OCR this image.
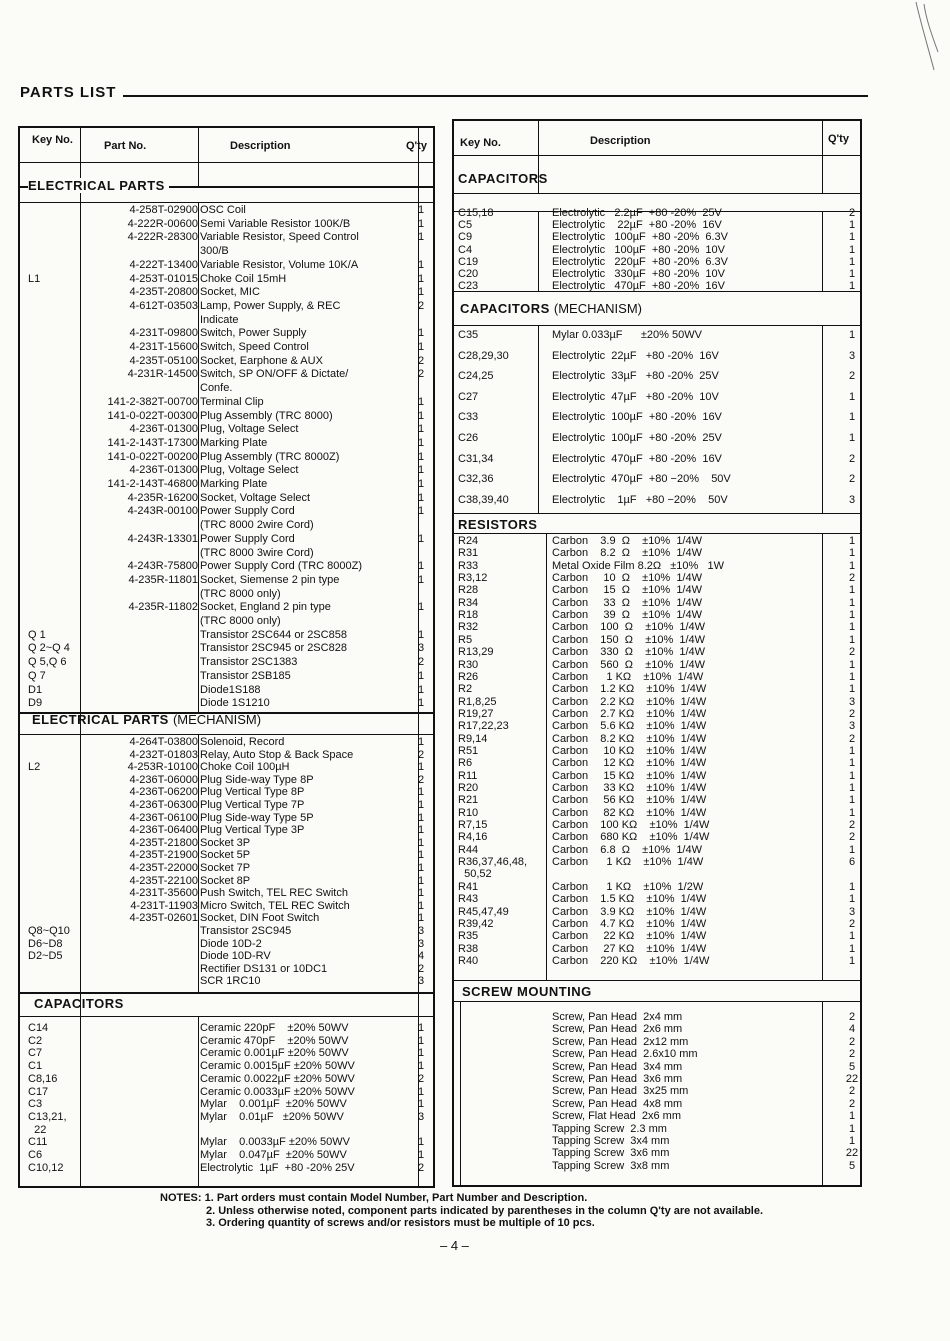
PARTS LIST
Key No.	Part No.	Description	Q'ty
ELECTRICAL PARTS
4-258T-02900 OSC Coil	1
4-222R-00600 Semi Variable Resistor 100K/B	1
4-222R-28300 Variable Resistor, Speed Control	1
300/B
4-222T-13400 Variable Resistor, Volume 10K/A	1
L1	4-253T-01015 Choke Coil 15mH	1
4-235T-20800 Socket, MIC	1
4-612T-03503 Lamp, Power Supply, & REC	2
Indicate
4-231T-09800 Switch, Power Supply	1
4-231T-15600 Switch, Speed Control	1
4-235T-05100 Socket, Earphone & AUX	2
4-231R-14500 Switch, SP ON/OFF & Dictate/	2
Confe.
141-2-382T-00700 Terminal Clip	1
141-0-022T-00300 Plug Assembly (TRC 8000)	1
4-236T-01300 Plug, Voltage Select	1
141-2-143T-17300 Marking Plate	1
141-0-022T-00200 Plug Assembly (TRC 8000Z)	1
4-236T-01300 Plug, Voltage Select	1
141-2-143T-46800 Marking Plate	1
4-235R-16200 Socket, Voltage Select	1
4-243R-00100 Power Supply Cord	1
(TRC 8000 2wire Cord)
4-243R-13301 Power Supply Cord	1
(TRC 8000 3wire Cord)
4-243R-75800 Power Supply Cord (TRC 8000Z)	1
4-235R-11801 Socket, Siemense 2 pin type	1
(TRC 8000 only)
4-235R-11802 Socket, England 2 pin type	1
(TRC 8000 only)
Q 1	Transistor 2SC644 or 2SC858	1
Q 2~Q 4	Transistor 2SC945 or 2SC828	3
Q 5,Q 6	Transistor 2SC1383	2
Q 7	Transistor 2SB185	1
D1	Diode1S188	1
D9	Diode 1S1210	1
ELECTRICAL PARTS (MECHANISM)
4-264T-03800 Solenoid, Record	1
4-232T-01803 Relay, Auto Stop & Back Space	2
L2	4-253R-10100 Choke Coil 100µH	1
4-236T-06000 Plug Side-way Type 8P	2
4-236T-06200 Plug Vertical Type 8P	1
4-236T-06300 Plug Vertical Type 7P	1
4-236T-06100 Plug Side-way Type 5P	1
4-236T-06400 Plug Vertical Type 3P	1
4-235T-21800 Socket 3P	1
4-235T-21900 Socket 5P	1
4-235T-22000 Socket 7P	1
4-235T-22100 Socket 8P	1
4-231T-35600 Push Switch, TEL REC Switch	1
4-231T-11903 Micro Switch, TEL REC Switch	1
4-235T-02601 Socket, DIN Foot Switch	1
Q8~Q10	Transistor 2SC945	3
D6~D8	Diode 10D-2	3
D2~D5	Diode 10D-RV	4
Rectifier DS131 or 10DC1	2
SCR 1RC10	3
CAPACITORS
C14	Ceramic 220pF    ±20% 50WV	1
C2	Ceramic 470pF    ±20% 50WV	1
C7	Ceramic 0.001µF ±20% 50WV	1
C1	Ceramic 0.0015µF ±20% 50WV	1
C8,16	Ceramic 0.0022µF ±20% 50WV	2
C17	Ceramic 0.0033µF ±20% 50WV	1
C3	Mylar    0.001µF  ±20% 50WV	1
C13,21,	Mylar    0.01µF   ±20% 50WV	3
22
C11	Mylar    0.0033µF ±20% 50WV	1
C6	Mylar    0.047µF  ±20% 50WV	1
C10,12	Electrolytic  1µF  +80 -20% 25V	2
Key No.	Description	Q'ty
CAPACITORS
C15,18	Electrolytic   2.2µF  +80 -20%  25V	2
C5	Electrolytic    22µF  +80 -20%  16V	1
C9	Electrolytic   100µF  +80 -20%  6.3V	1
C4	Electrolytic   100µF  +80 -20%  10V	1
C19	Electrolytic   220µF  +80 -20%  6.3V	1
C20	Electrolytic   330µF  +80 -20%  10V	1
C23	Electrolytic   470µF  +80 -20%  16V	1
CAPACITORS (MECHANISM)
C35	Mylar 0.033µF      ±20% 50WV	1
C28,29,30	Electrolytic  22µF   +80 -20%  16V	3
C24,25	Electrolytic  33µF   +80 -20%  25V	2
C27	Electrolytic  47µF   +80 -20%  10V	1
C33	Electrolytic  100µF  +80 -20%  16V	1
C26	Electrolytic  100µF  +80 -20%  25V	1
C31,34	Electrolytic  470µF  +80 -20%  16V	2
C32,36	Electrolytic  470µF  +80 −20%    50V	2
C38,39,40	Electrolytic    1µF   +80 −20%    50V	3
RESISTORS
R24	Carbon    3.9  Ω    ±10%  1/4W	1
R31	Carbon    8.2  Ω    ±10%  1/4W	1
R33	Metal Oxide Film 8.2Ω   ±10%   1W	1
R3,12	Carbon     10  Ω    ±10%  1/4W	2
R28	Carbon     15  Ω    ±10%  1/4W	1
R34	Carbon     33  Ω    ±10%  1/4W	1
R18	Carbon     39  Ω    ±10%  1/4W	1
R32	Carbon    100  Ω    ±10%  1/4W	1
R5	Carbon    150  Ω    ±10%  1/4W	1
R13,29	Carbon    330  Ω    ±10%  1/4W	2
R30	Carbon    560  Ω    ±10%  1/4W	1
R26	Carbon      1 KΩ    ±10%  1/4W	1
R2	Carbon    1.2 KΩ    ±10%  1/4W	1
R1,8,25	Carbon    2.2 KΩ    ±10%  1/4W	3
R19,27	Carbon    2.7 KΩ    ±10%  1/4W	2
R17,22,23	Carbon    5.6 KΩ    ±10%  1/4W	3
R9,14	Carbon    8.2 KΩ    ±10%  1/4W	2
R51	Carbon     10 KΩ    ±10%  1/4W	1
R6	Carbon     12 KΩ    ±10%  1/4W	1
R11	Carbon     15 KΩ    ±10%  1/4W	1
R20	Carbon     33 KΩ    ±10%  1/4W	1
R21	Carbon     56 KΩ    ±10%  1/4W	1
R10	Carbon     82 KΩ    ±10%  1/4W	1
R7,15	Carbon    100 KΩ    ±10%  1/4W	2
R4,16	Carbon    680 KΩ    ±10%  1/4W	2
R44	Carbon    6.8  Ω    ±10%  1/4W	1
R36,37,46,48, Carbon      1 KΩ    ±10%  1/4W	6
50,52
R41	Carbon      1 KΩ    ±10%  1/2W	1
R43	Carbon    1.5 KΩ    ±10%  1/4W	1
R45,47,49	Carbon    3.9 KΩ    ±10%  1/4W	3
R39,42	Carbon    4.7 KΩ    ±10%  1/4W	2
R35	Carbon     22 KΩ    ±10%  1/4W	1
R38	Carbon     27 KΩ    ±10%  1/4W	1
R40	Carbon    220 KΩ    ±10%  1/4W	1
SCREW MOUNTING
Screw, Pan Head  2x4 mm	2
Screw, Pan Head  2x6 mm	4
Screw, Pan Head  2x12 mm	2
Screw, Pan Head  2.6x10 mm	2
Screw, Pan Head  3x4 mm	5
Screw, Pan Head  3x6 mm	22
Screw, Pan Head  3x25 mm	2
Screw, Pan Head  4x8 mm	2
Screw, Flat Head  2x6 mm	1
Tapping Screw  2.3 mm	1
Tapping Screw  3x4 mm	1
Tapping Screw  3x6 mm	22
Tapping Screw  3x8 mm	5
NOTES: 1. Part orders must contain Model Number, Part Number and Description.
2. Unless otherwise noted, component parts indicated by parentheses in the column Q'ty are not available.
3. Ordering quantity of screws and/or resistors must be multiple of 10 pcs.
– 4 –
